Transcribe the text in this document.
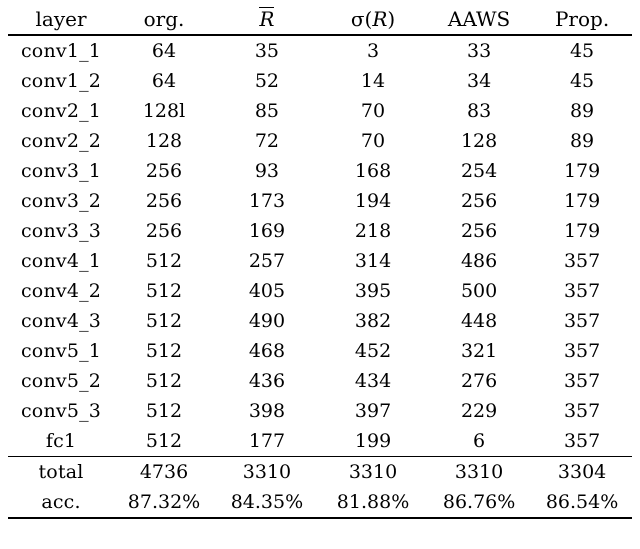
layer	org.	R	σ(R)	AAWS	Prop.
conv1_1	64	35	3	33	45
conv1_2	64	52	14	34	45
conv2_1	128l	85	70	83	89
conv2_2	128	72	70	128	89
conv3_1	256	93	168	254	179
conv3_2	256	173	194	256	179
conv3_3	256	169	218	256	179
conv4_1	512	257	314	486	357
conv4_2	512	405	395	500	357
conv4_3	512	490	382	448	357
conv5_1	512	468	452	321	357
conv5_2	512	436	434	276	357
conv5_3	512	398	397	229	357
fc1	512	177	199	6	357
total	4736	3310	3310	3310	3304
acc.	87.32%	84.35%	81.88%	86.76%	86.54%
